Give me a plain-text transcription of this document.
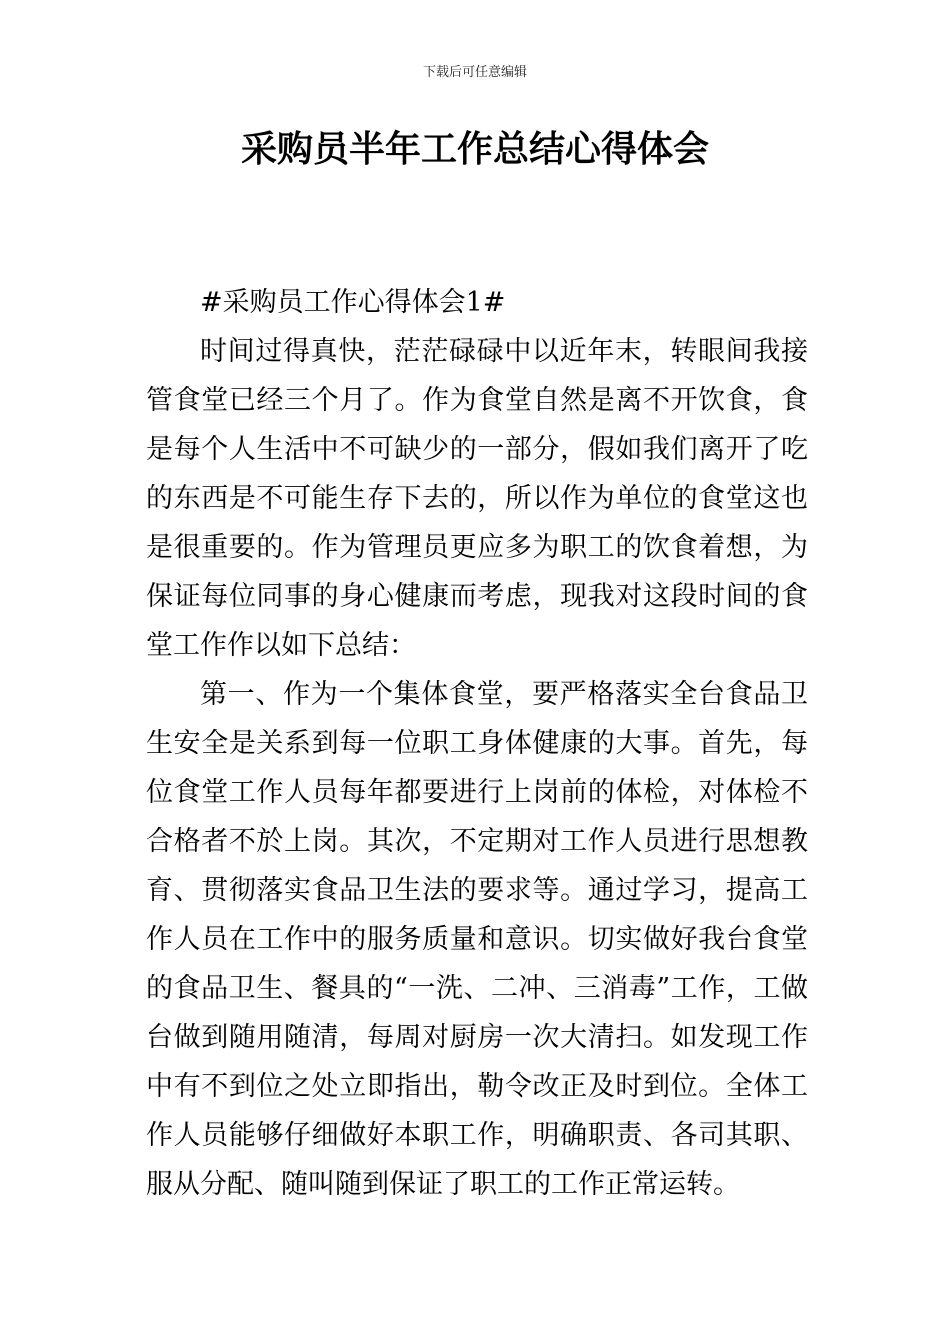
下载后可任意编辑
采购员半年工作总结心得体会

#采购员工作心得体会1#

时间过得真快，茫茫碌碌中以近年末，转眼间我接管食堂已经三个月了。作为食堂自然是离不开饮食，食是每个人生活中不可缺少的一部分，假如我们离开了吃的东西是不可能生存下去的，所以作为单位的食堂这也是很重要的。作为管理员更应多为职工的饮食着想，为保证每位同事的身心健康而考虑，现我对这段时间的食堂工作作以如下总结：

第一、作为一个集体食堂，要严格落实全台食品卫生安全是关系到每一位职工身体健康的大事。首先，每位食堂工作人员每年都要进行上岗前的体检，对体检不合格者不於上岗。其次，不定期对工作人员进行思想教育、贯彻落实食品卫生法的要求等。通过学习，提高工作人员在工作中的服务质量和意识。切实做好我台食堂的食品卫生、餐具的“一洗、二冲、三消毒”工作，工做台做到随用随清，每周对厨房一次大清扫。如发现工作中有不到位之处立即指出，勒令改正及时到位。全体工作人员能够仔细做好本职工作，明确职责、各司其职、服从分配、随叫随到保证了职工的工作正常运转。
